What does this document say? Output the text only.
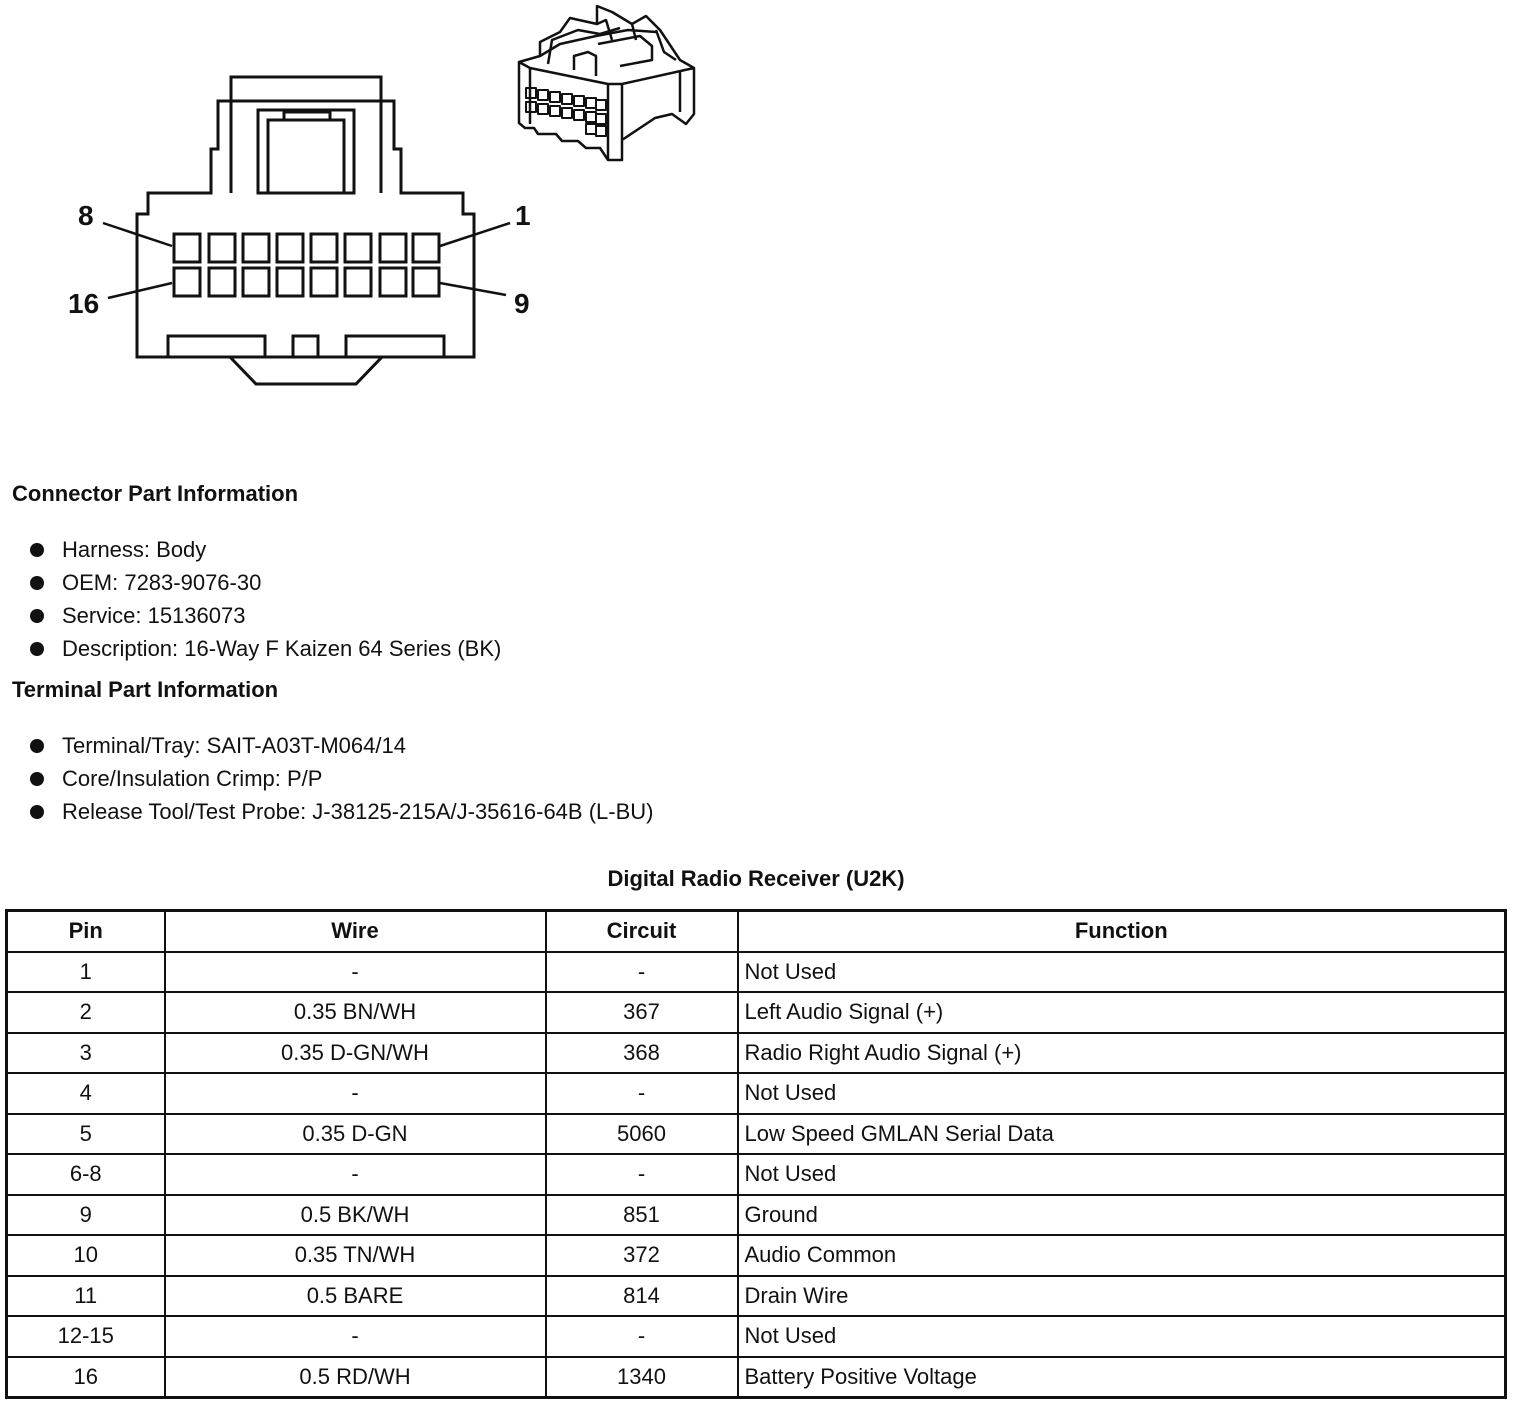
8	1
16	9
Connector Part Information
Harness: Body
OEM: 7283-9076-30
Service: 15136073
Description: 16-Way F Kaizen 64 Series (BK)
Terminal Part Information
Terminal/Tray: SAIT-A03T-M064/14
Core/Insulation Crimp: P/P
Release Tool/Test Probe: J-38125-215A/J-35616-64B (L-BU)
Digital Radio Receiver (U2K)
Pin	Wire	Circuit	Function
1	-	-	Not Used
2	0.35 BN/WH	367	Left Audio Signal (+)
3	0.35 D-GN/WH	368	Radio Right Audio Signal (+)
4	-	-	Not Used
5	0.35 D-GN	5060	Low Speed GMLAN Serial Data
6-8	-	-	Not Used
9	0.5 BK/WH	851	Ground
10	0.35 TN/WH	372	Audio Common
11	0.5 BARE	814	Drain Wire
12-15	-	-	Not Used
16	0.5 RD/WH	1340	Battery Positive Voltage
